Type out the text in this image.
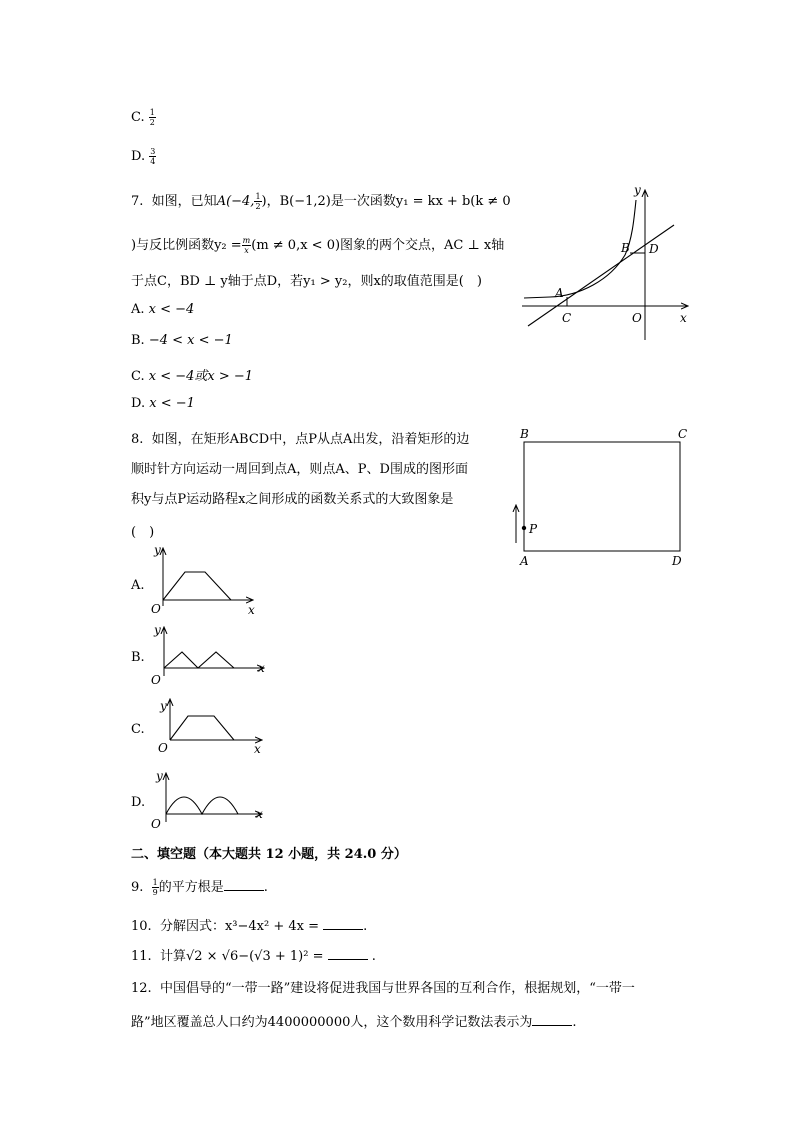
C. $\frac{1}{2}$
D. $\frac{3}{4}$
7. 如图，已知A(−4, $\frac{1}{2}$ )，B(−1,2)是一次函数y₁ = kx + b(k ≠ 0
)与反比例函数$y_2 = \frac{m}{x} (m \ne 0,x < 0)$图象的两个交点，AC ⊥ x轴
于点C，BD ⊥ y轴于点D，若y₁ > y₂，则x的取值范围是(　)
A. x < −4
B. −4 < x < −1
C. x < −4或x > −1
D. x < −1
y
x
O
A
B
C
D
8. 如图，在矩形ABCD中，点P从点A出发，沿着矩形的边
顺时针方向运动一周回到点A，则点A、P、D围成的图形面
积y与点P运动路程x之间形成的函数关系式的大致图象是
(　)
B	C
A	D
P
A.
y
x
O
B.
y
x
O
C.
y
x
O
D.
y
x
O
二、填空题（本大题共 12 小题，共 24.0 分）
9. $\frac{1}{9}$ 的平方根是	.
10. 分解因式：x³−4x² + 4x =	.
11. 计算√2 × √6−(√3 + 1)² =	.
12. 中国倡导的“一带一路”建设将促进我国与世界各国的互利合作，根据规划，“一带一
路”地区覆盖总人口约为4400000000人，这个数用科学记数法表示为	.
